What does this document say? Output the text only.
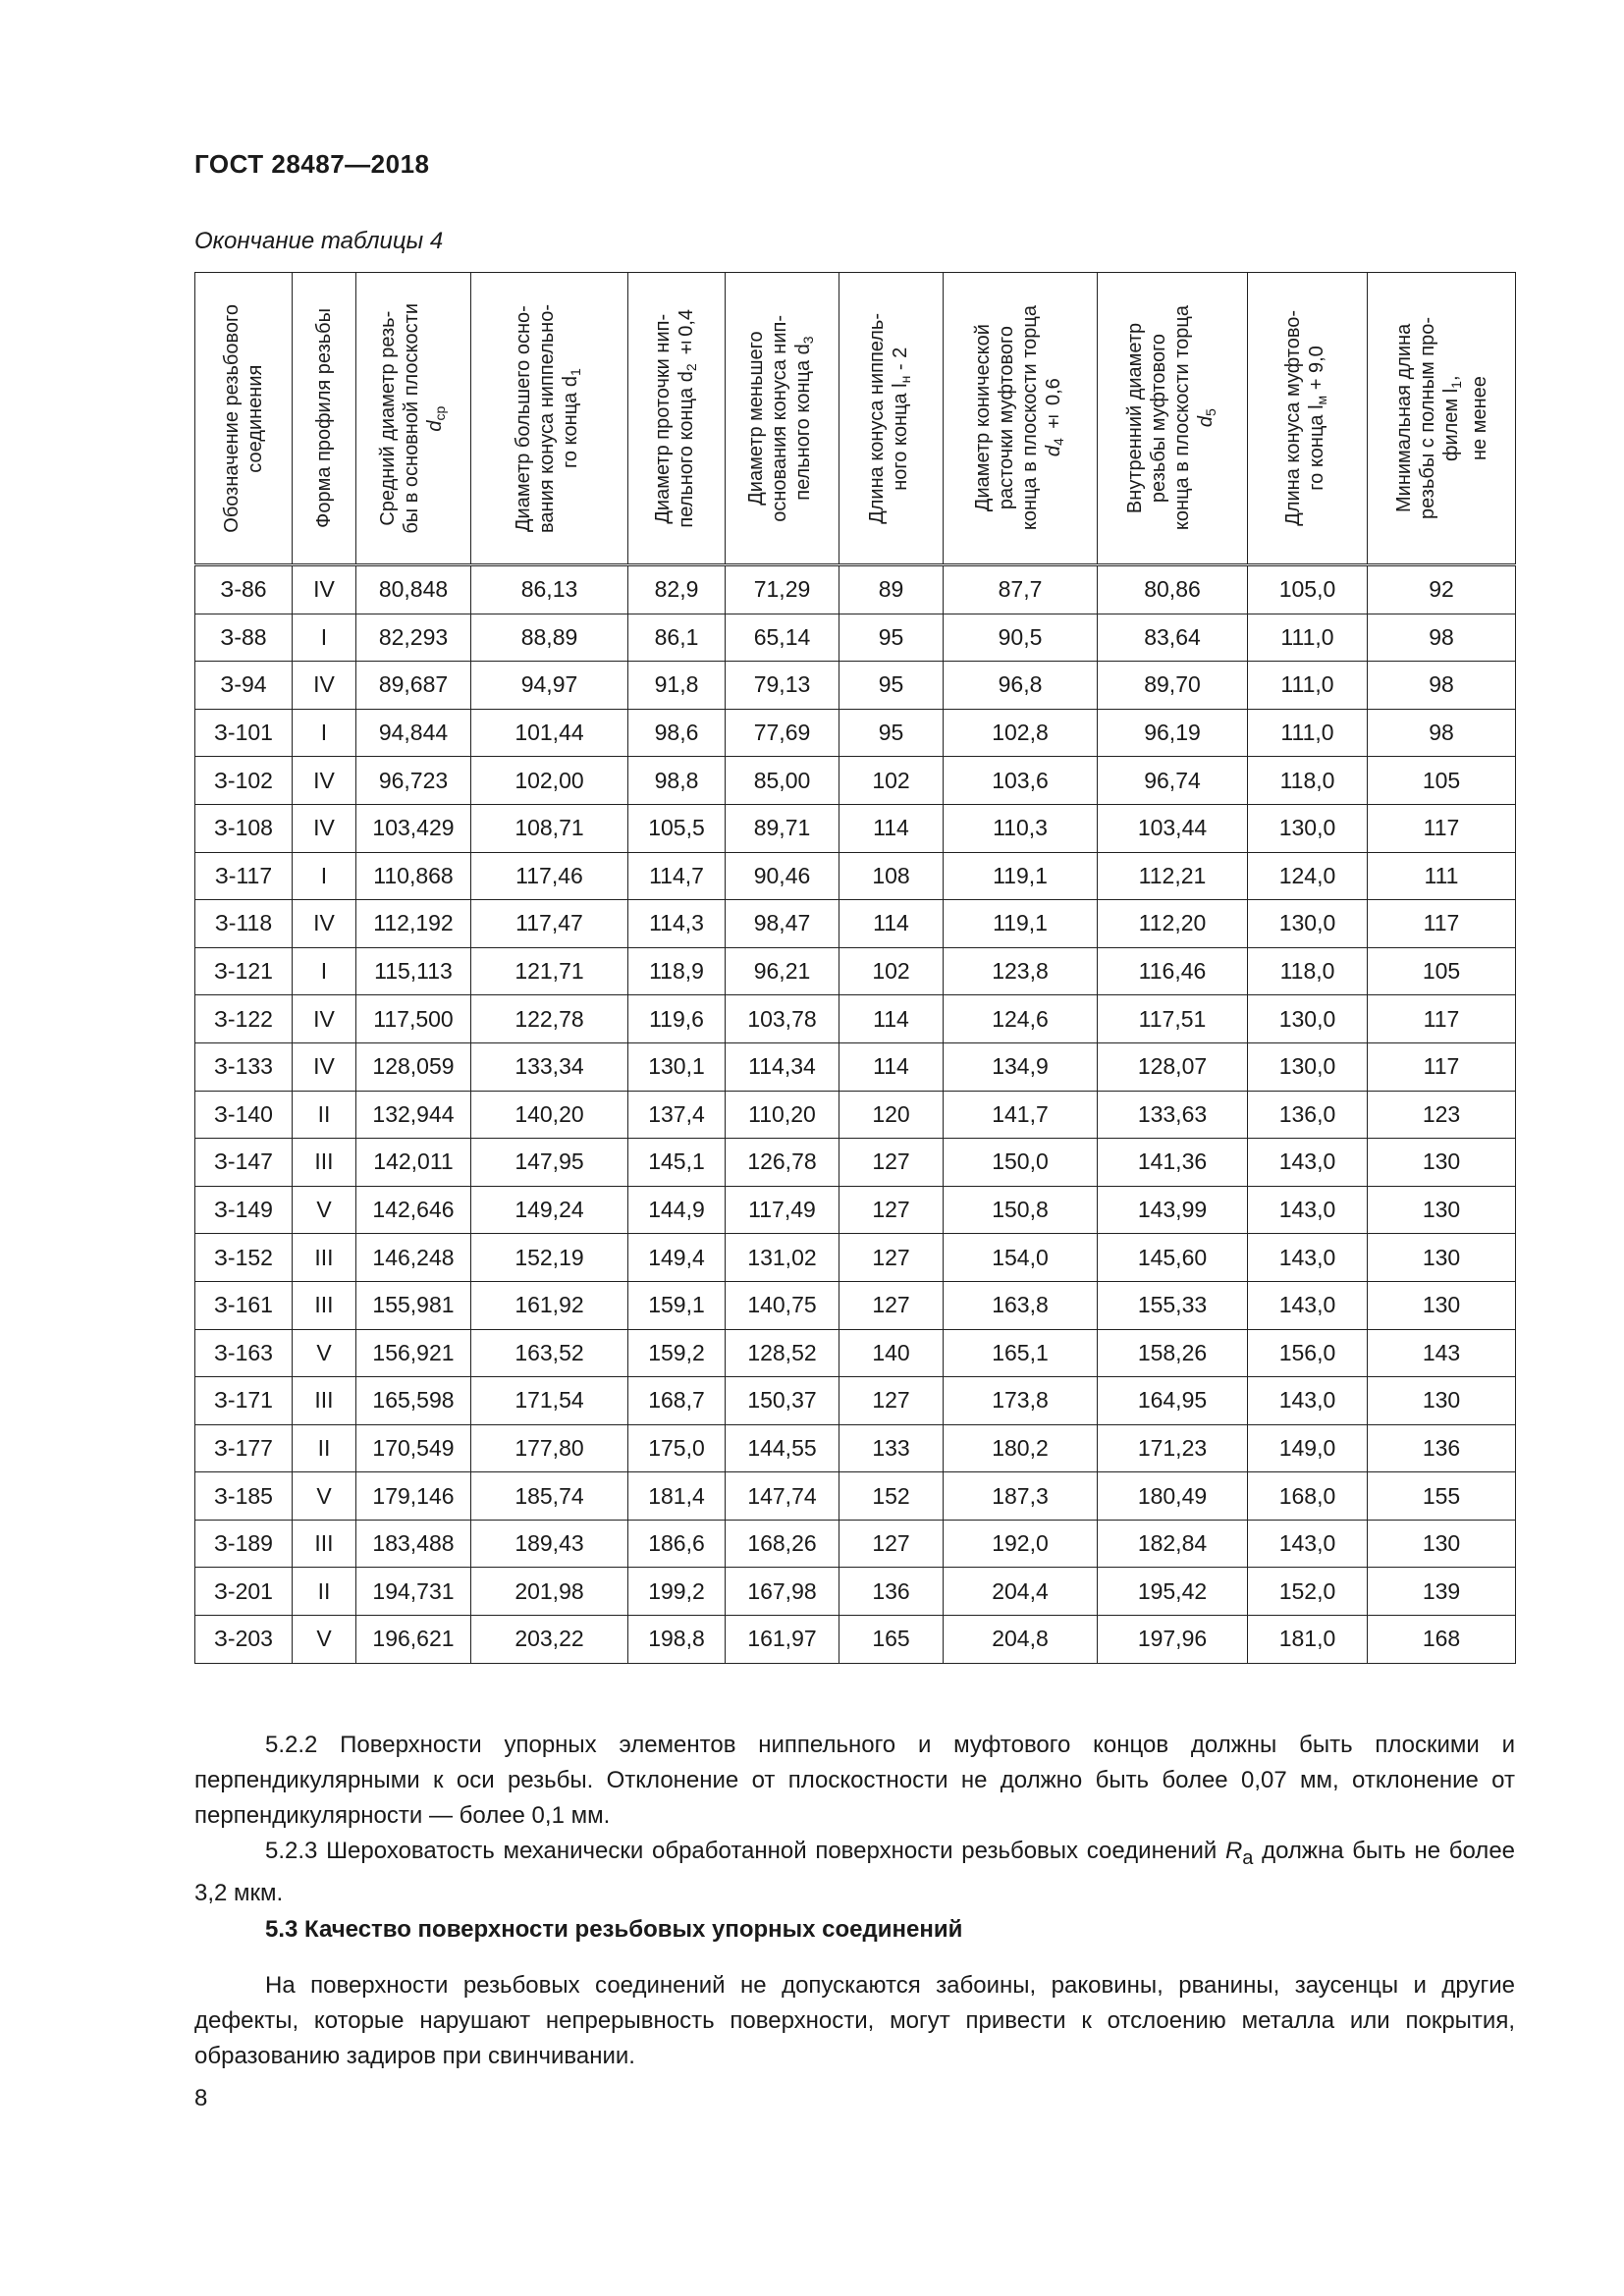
ГОСТ 28487—2018
Окончание таблицы 4
Обозначение резьбового соединения	Форма профиля резьбы	Средний диаметр резь- бы в основной плоскости $d_{ср}$	Диаметр большего осно- вания конуса ниппельно- го конца $d_1$	Диаметр проточки нип- пельного конца $d_2 \pm 0,4$	Диаметр меньшего основания конуса нип- пельного конца $d_3$	Длина конуса ниппель- ного конца $l_н - 2$	Диаметр конической расточки муфтового конца в плоскости торца $d_4 \pm 0,6$	Внутренний диаметр резьбы муфтового конца в плоскости торца $d_5$	Длина конуса муфтово- го конца $l_м + 9,0$	Минимальная длина резьбы с полным про- филем $l_1$, не менее

З-86	IV	80,848	86,13	82,9	71,29	89	87,7	80,86	105,0	92
З-88	I	82,293	88,89	86,1	65,14	95	90,5	83,64	111,0	98
З-94	IV	89,687	94,97	91,8	79,13	95	96,8	89,70	111,0	98
З-101	I	94,844	101,44	98,6	77,69	95	102,8	96,19	111,0	98
З-102	IV	96,723	102,00	98,8	85,00	102	103,6	96,74	118,0	105
З-108	IV	103,429	108,71	105,5	89,71	114	110,3	103,44	130,0	117
З-117	I	110,868	117,46	114,7	90,46	108	119,1	112,21	124,0	111
З-118	IV	112,192	117,47	114,3	98,47	114	119,1	112,20	130,0	117
З-121	I	115,113	121,71	118,9	96,21	102	123,8	116,46	118,0	105
З-122	IV	117,500	122,78	119,6	103,78	114	124,6	117,51	130,0	117
З-133	IV	128,059	133,34	130,1	114,34	114	134,9	128,07	130,0	117
З-140	II	132,944	140,20	137,4	110,20	120	141,7	133,63	136,0	123
З-147	III	142,011	147,95	145,1	126,78	127	150,0	141,36	143,0	130
З-149	V	142,646	149,24	144,9	117,49	127	150,8	143,99	143,0	130
З-152	III	146,248	152,19	149,4	131,02	127	154,0	145,60	143,0	130
З-161	III	155,981	161,92	159,1	140,75	127	163,8	155,33	143,0	130
З-163	V	156,921	163,52	159,2	128,52	140	165,1	158,26	156,0	143
З-171	III	165,598	171,54	168,7	150,37	127	173,8	164,95	143,0	130
З-177	II	170,549	177,80	175,0	144,55	133	180,2	171,23	149,0	136
З-185	V	179,146	185,74	181,4	147,74	152	187,3	180,49	168,0	155
З-189	III	183,488	189,43	186,6	168,26	127	192,0	182,84	143,0	130
З-201	II	194,731	201,98	199,2	167,98	136	204,4	195,42	152,0	139
З-203	V	196,621	203,22	198,8	161,97	165	204,8	197,96	181,0	168

5.2.2 Поверхности упорных элементов ниппельного и муфтового концов должны быть плоскими и перпендикулярными к оси резьбы. Отклонение от плоскостности не должно быть более 0,07 мм, отклонение от перпендикулярности — более 0,1 мм.

5.2.3 Шероховатость механически обработанной поверхности резьбовых соединений $R_a$ должна быть не более 3,2 мкм.

5.3 Качество поверхности резьбовых упорных соединений

На поверхности резьбовых соединений не допускаются забоины, раковины, рванины, заусенцы и другие дефекты, которые нарушают непрерывность поверхности, могут привести к отслоению металла или покрытия, образованию задиров при свинчивании.

8
